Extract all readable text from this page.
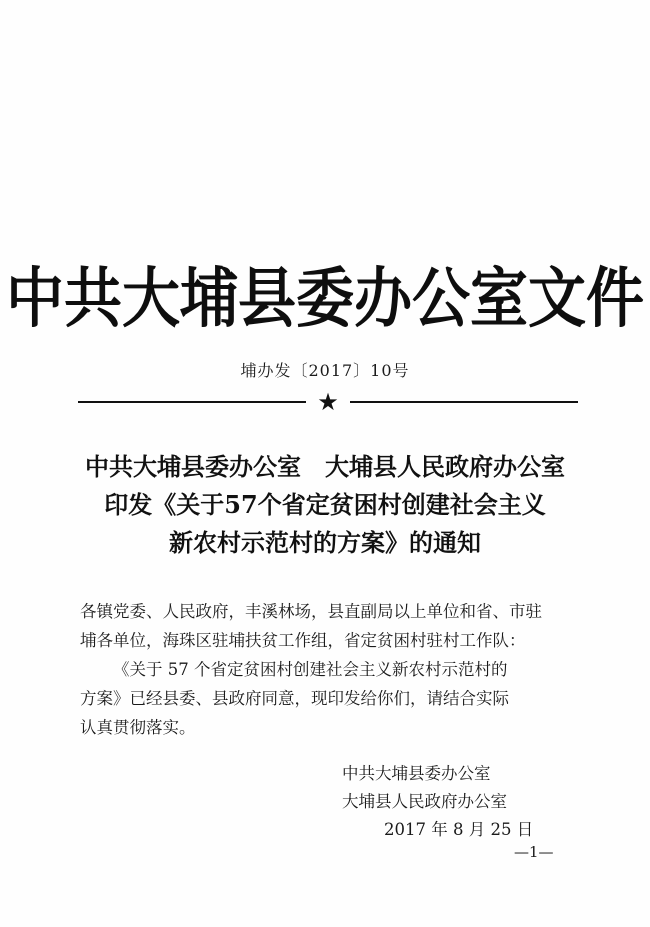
中共大埔县委办公室文件
埔办发〔2017〕10号
★
中共大埔县委办公室　大埔县人民政府办公室
印发《关于57个省定贫困村创建社会主义
新农村示范村的方案》的通知
各镇党委、人民政府，丰溪林场，县直副局以上单位和省、市驻
埔各单位，海珠区驻埔扶贫工作组，省定贫困村驻村工作队：
《关于 57 个省定贫困村创建社会主义新农村示范村的
方案》已经县委、县政府同意，现印发给你们，请结合实际
认真贯彻落实。
中共大埔县委办公室
大埔县人民政府办公室
2017 年 8 月 25 日
—1—
